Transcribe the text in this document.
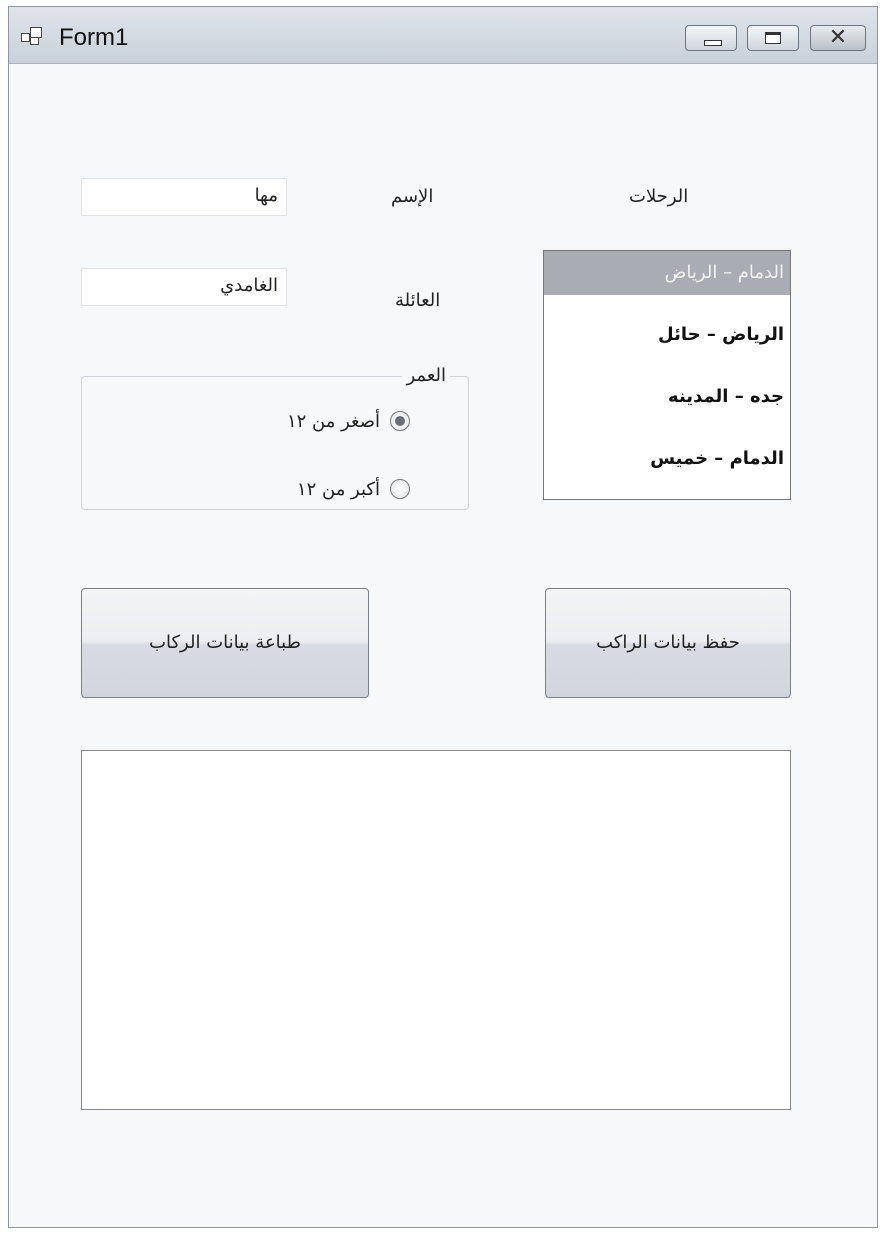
Form1	✕
الرحلات
الإسم
مها
العائلة
الغامدي
الدمام – الرياض
الرياض – حائل
جده – المدينه
الدمام – خميس
العمر
أصغر من ١٢
أكبر من ١٢
طباعة بيانات الركاب	حفظ بيانات الراكب
